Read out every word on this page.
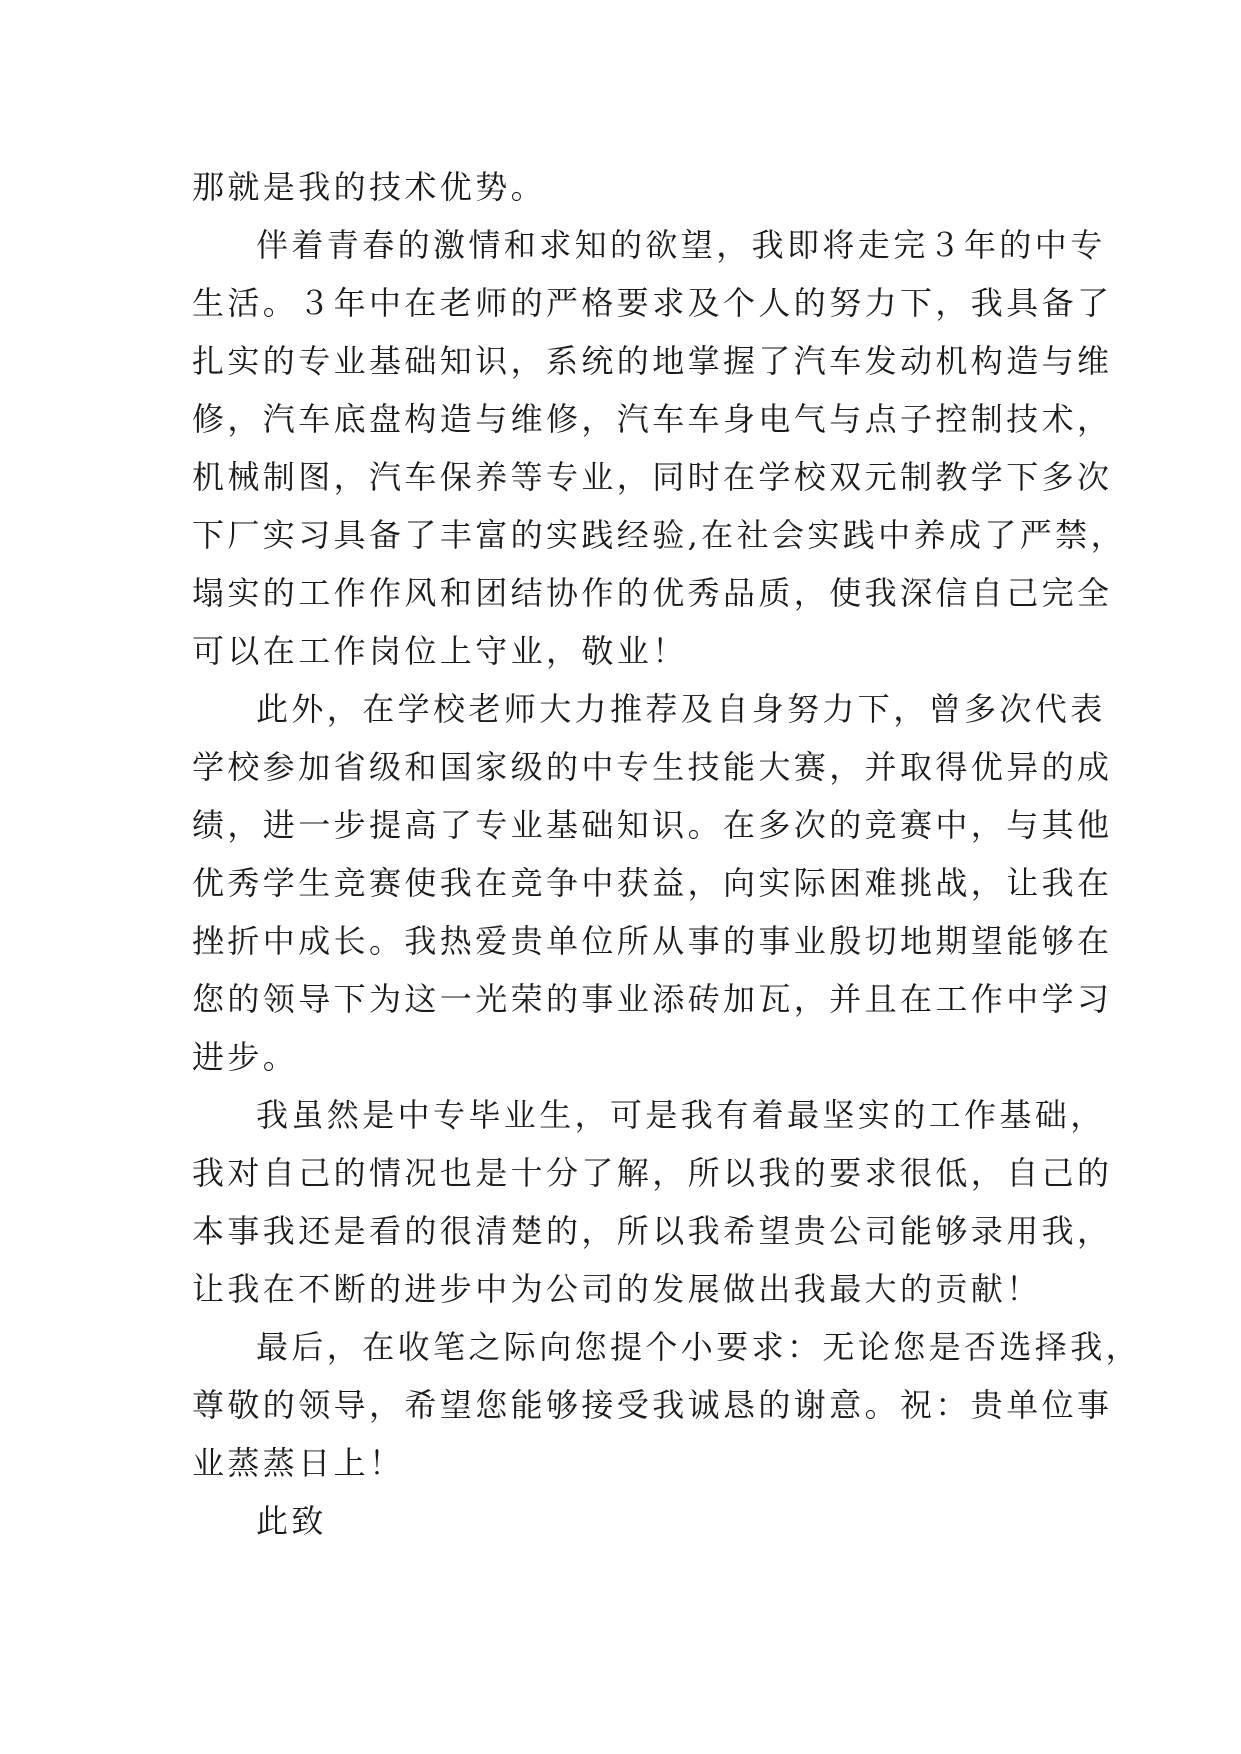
那就是我的技术优势。
伴着青春的激情和求知的欲望，我即将走完３年的中专
生活。３年中在老师的严格要求及个人的努力下，我具备了
扎实的专业基础知识，系统的地掌握了汽车发动机构造与维
修，汽车底盘构造与维修，汽车车身电气与点子控制技术，
机械制图，汽车保养等专业，同时在学校双元制教学下多次
下厂实习具备了丰富的实践经验,在社会实践中养成了严禁，
塌实的工作作风和团结协作的优秀品质，使我深信自己完全
可以在工作岗位上守业，敬业！
此外，在学校老师大力推荐及自身努力下，曾多次代表
学校参加省级和国家级的中专生技能大赛，并取得优异的成
绩，进一步提高了专业基础知识。在多次的竞赛中，与其他
优秀学生竞赛使我在竞争中获益，向实际困难挑战，让我在
挫折中成长。我热爱贵单位所从事的事业殷切地期望能够在
您的领导下为这一光荣的事业添砖加瓦，并且在工作中学习
进步。
我虽然是中专毕业生，可是我有着最坚实的工作基础，
我对自己的情况也是十分了解，所以我的要求很低，自己的
本事我还是看的很清楚的，所以我希望贵公司能够录用我，
让我在不断的进步中为公司的发展做出我最大的贡献！
最后，在收笔之际向您提个小要求：无论您是否选择我，
尊敬的领导，希望您能够接受我诚恳的谢意。祝：贵单位事
业蒸蒸日上！
此致
